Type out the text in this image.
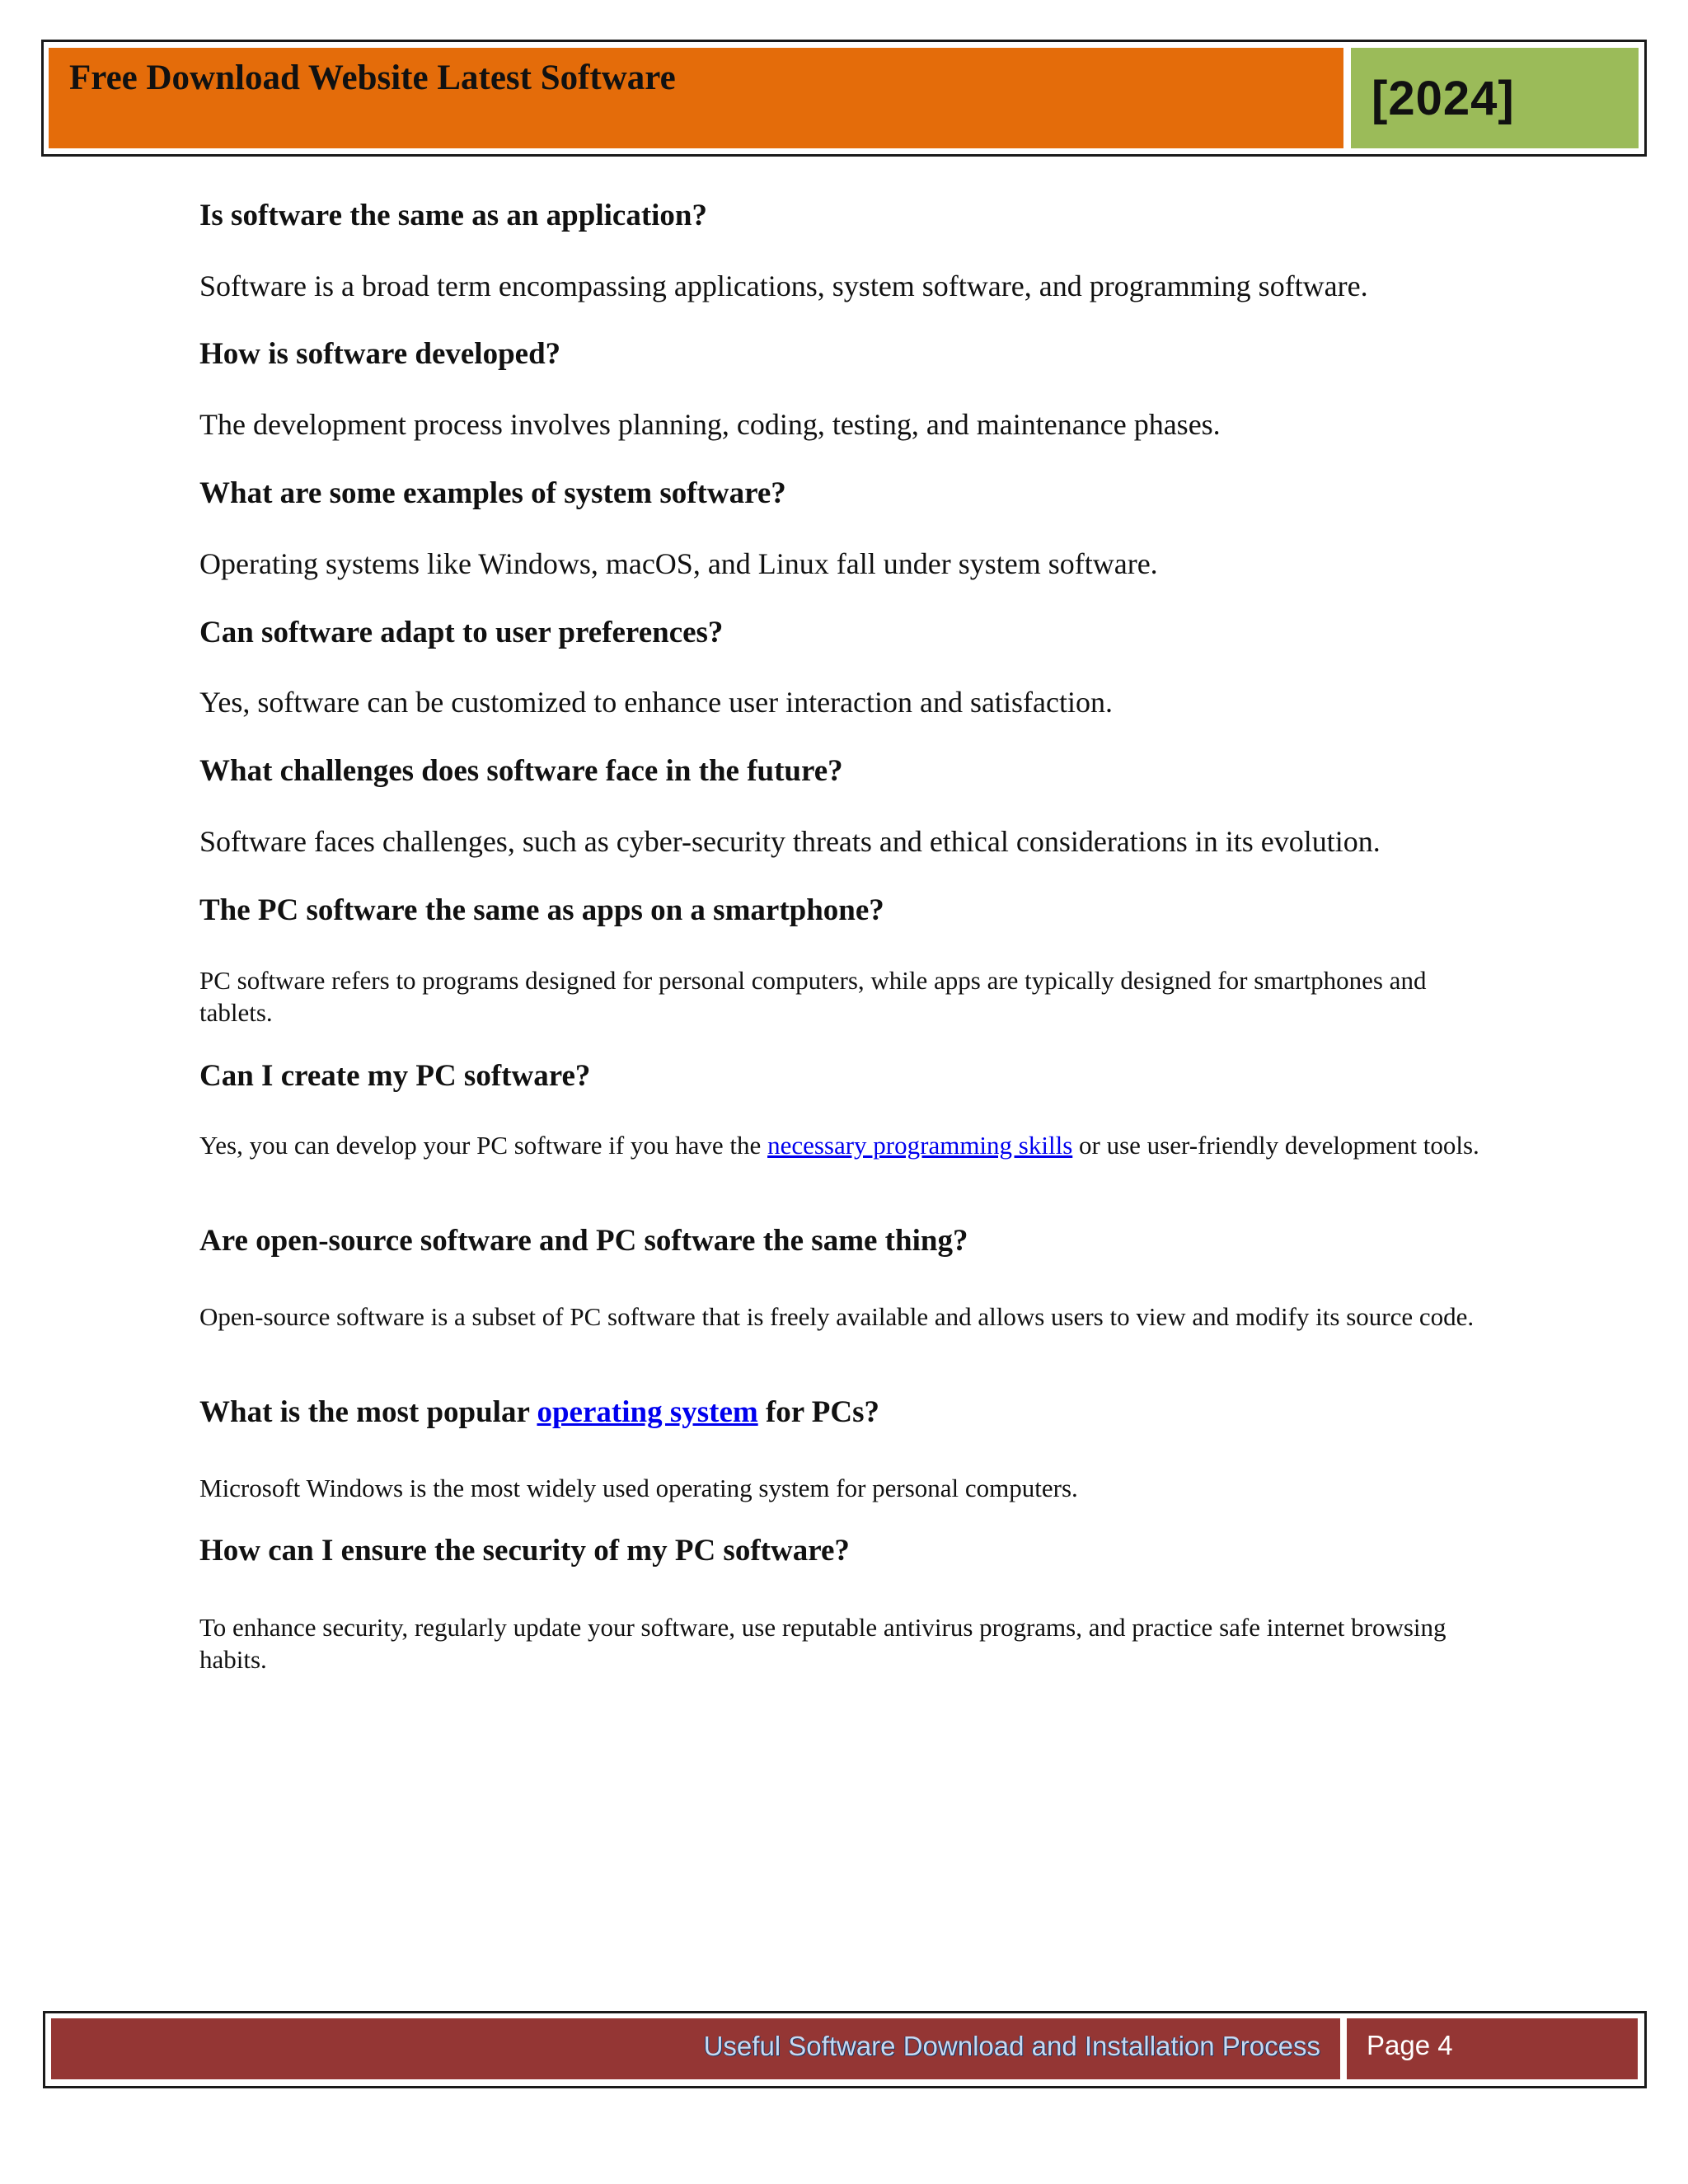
Free Download Website Latest Software	[2024]
Is software the same as an application?

Software is a broad term encompassing applications, system software, and programming software.

How is software developed?

The development process involves planning, coding, testing, and maintenance phases.

What are some examples of system software?

Operating systems like Windows, macOS, and Linux fall under system software.

Can software adapt to user preferences?

Yes, software can be customized to enhance user interaction and satisfaction.

What challenges does software face in the future?

Software faces challenges, such as cyber-security threats and ethical considerations in its evolution.

The PC software the same as apps on a smartphone?

PC software refers to programs designed for personal computers, while apps are typically designed for smartphones and tablets.

Can I create my PC software?

Yes, you can develop your PC software if you have the necessary programming skills or use user-friendly development tools.

Are open-source software and PC software the same thing?

Open-source software is a subset of PC software that is freely available and allows users to view and modify its source code.

What is the most popular operating system for PCs?

Microsoft Windows is the most widely used operating system for personal computers.

How can I ensure the security of my PC software?

To enhance security, regularly update your software, use reputable antivirus programs, and practice safe internet browsing habits.

Useful Software Download and Installation Process Page 4
